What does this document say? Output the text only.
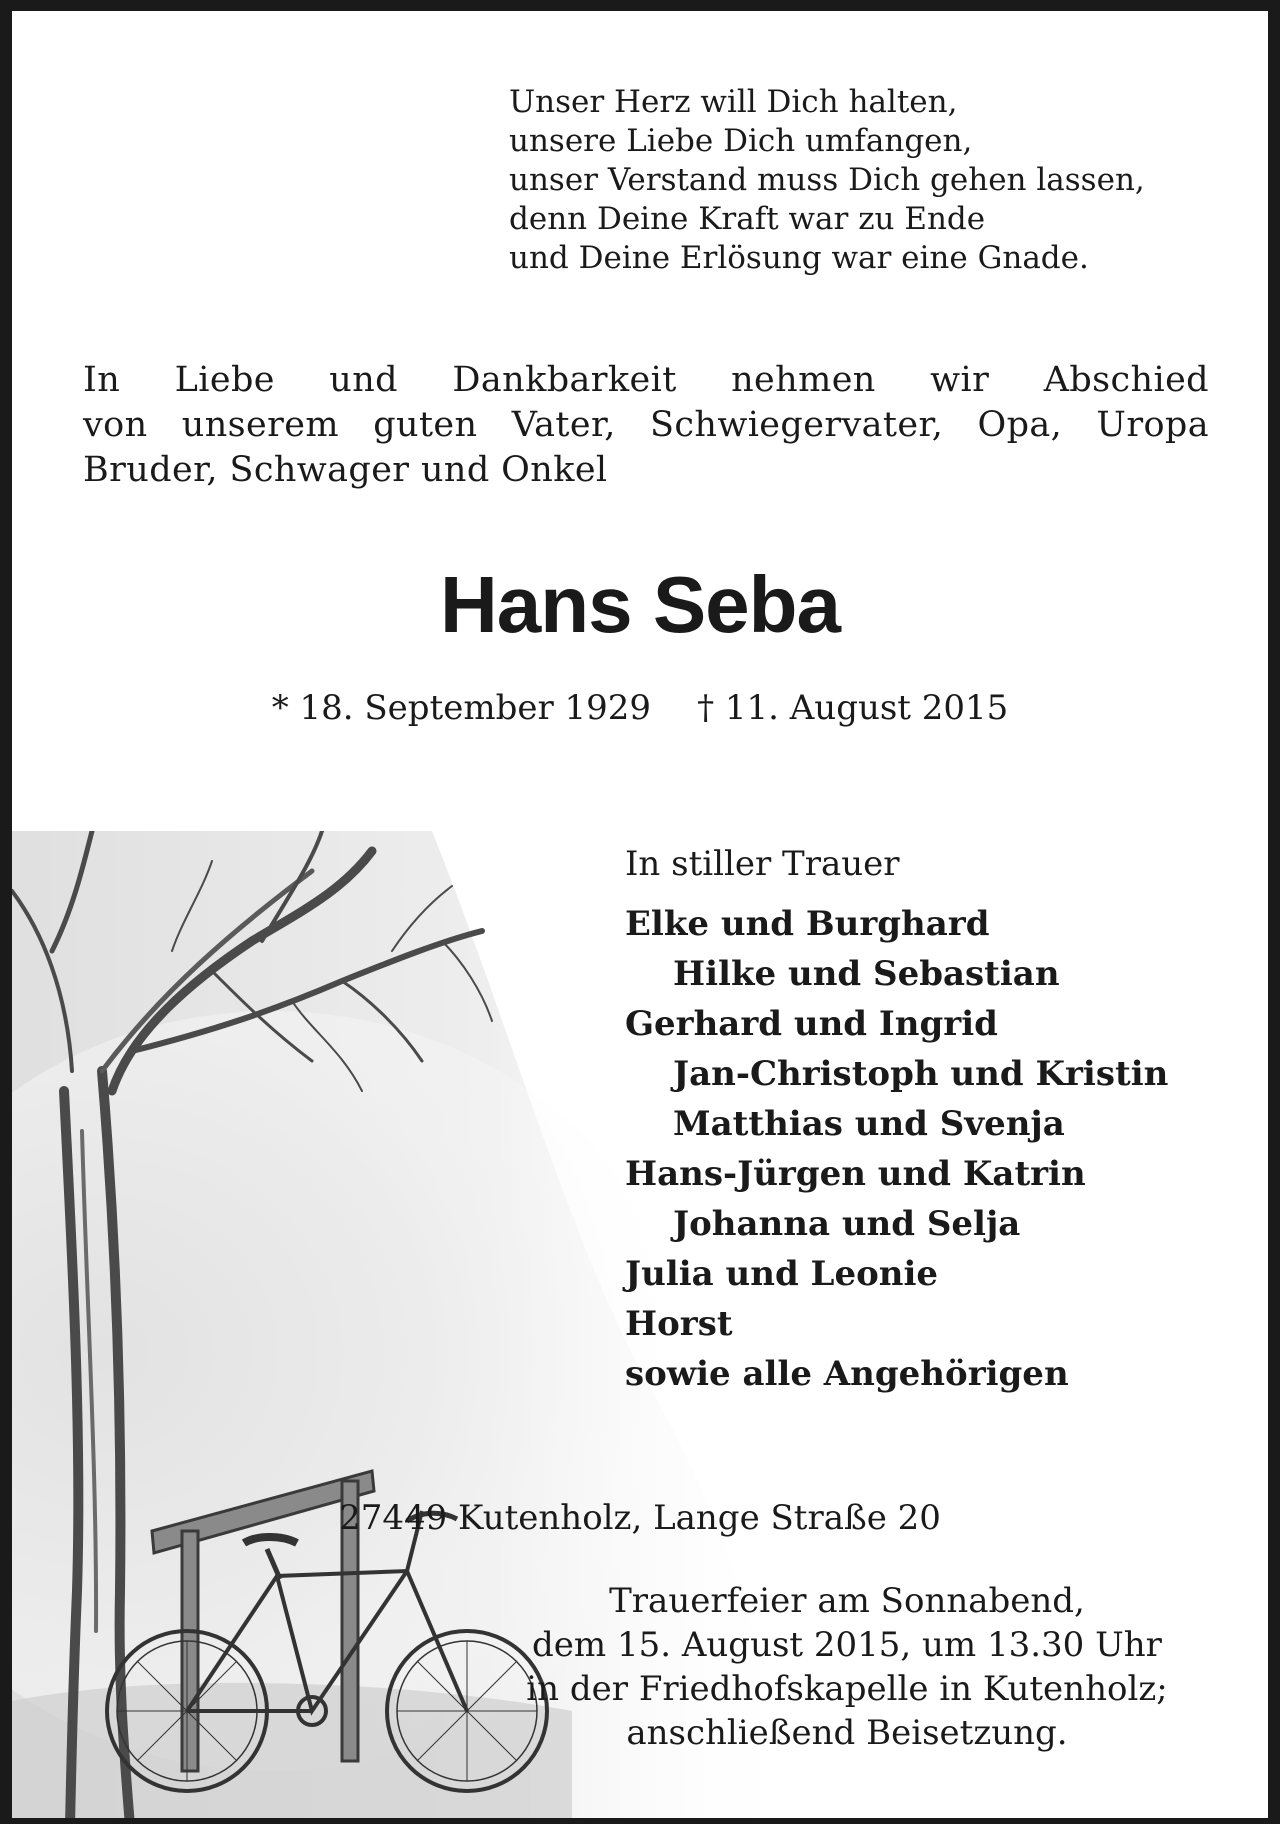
Unser Herz will Dich halten,
unsere Liebe Dich umfangen,
unser Verstand muss Dich gehen lassen,
denn Deine Kraft war zu Ende
und Deine Erlösung war eine Gnade.
In Liebe und Dankbarkeit nehmen wir Abschied
von unserem guten Vater, Schwiegervater, Opa, Uropa
Bruder, Schwager und Onkel
Hans Seba
* 18. September 1929 † 11. August 2015
In stiller Trauer
Elke und Burghard
Hilke und Sebastian
Gerhard und Ingrid
Jan-Christoph und Kristin
Matthias und Svenja
Hans-Jürgen und Katrin
Johanna und Selja
Julia und Leonie
Horst
sowie alle Angehörigen
27449 Kutenholz, Lange Straße 20
Trauerfeier am Sonnabend,
dem 15. August 2015, um 13.30 Uhr
in der Friedhofskapelle in Kutenholz;
anschließend Beisetzung.
